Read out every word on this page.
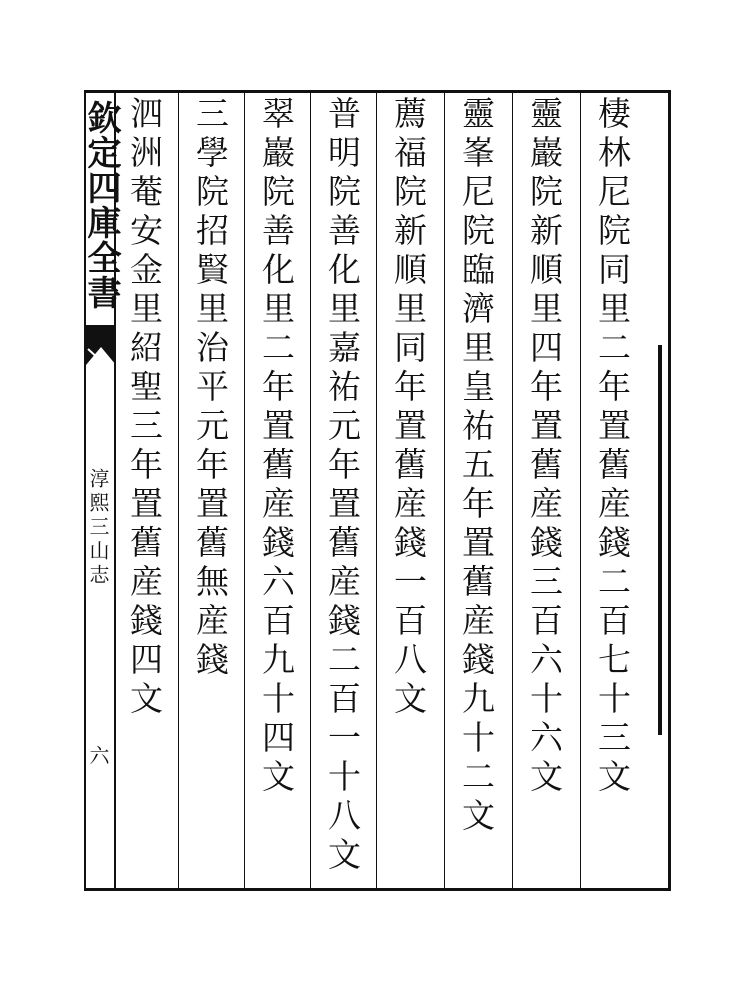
欽定四庫全書
淳熙三山志
六	棲林尼院同里二年置舊産錢二百七十三文
靈巖院新順里四年置舊産錢三百六十六文
靈峯尼院臨濟里皇祐五年置舊産錢九十二文
薦福院新順里同年置舊産錢一百八文
普明院善化里嘉祐元年置舊産錢二百一十八文
翠巖院善化里二年置舊産錢六百九十四文
三學院招賢里治平元年置舊無産錢
泗洲菴安金里紹聖三年置舊産錢四文
